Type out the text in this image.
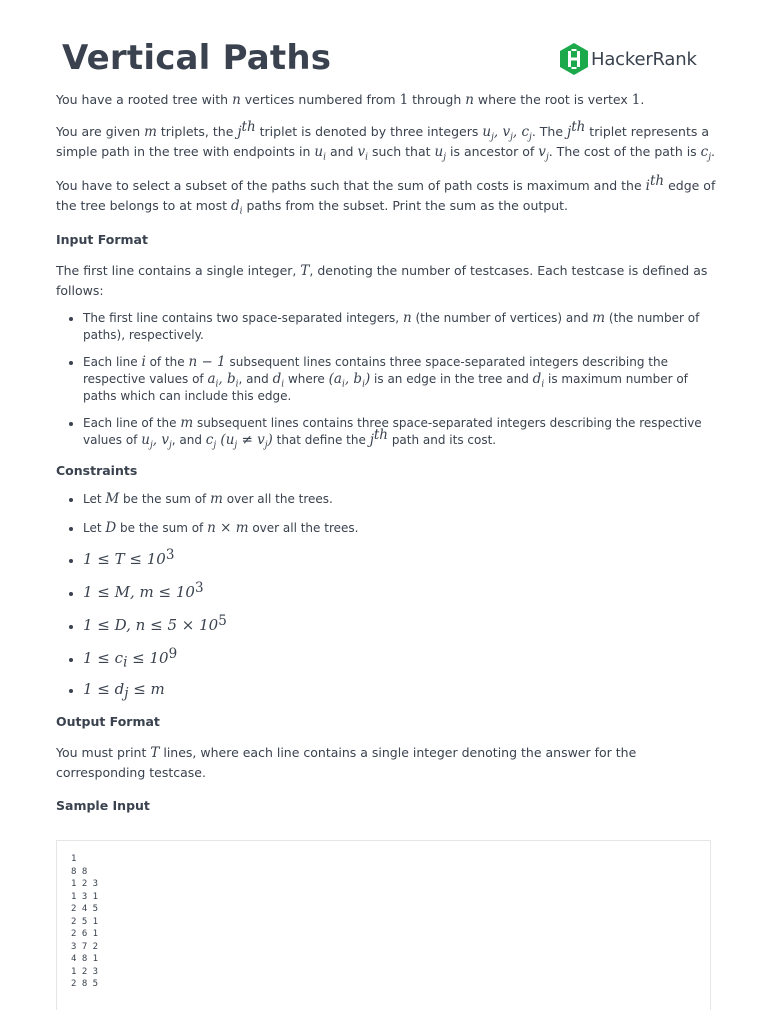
Vertical Paths	HackerRank

You have a rooted tree with n vertices numbered from 1 through n where the root is vertex 1.

You are given m triplets, the $j^{th}$ triplet is denoted by three integers $u_j$, $v_j$, $c_j$. The $j^{th}$ triplet represents a simple path in the tree with endpoints in $u_i$ and $v_i$ such that $u_j$ is ancestor of $v_j$. The cost of the path is $c_j$.

You have to select a subset of the paths such that the sum of path costs is maximum and the $i^{th}$ edge of the tree belongs to at most $d_i$ paths from the subset. Print the sum as the output.

Input Format

The first line contains a single integer, T, denoting the number of testcases. Each testcase is defined as follows:

• The first line contains two space-separated integers, n (the number of vertices) and m (the number of paths), respectively.
• Each line i of the n − 1 subsequent lines contains three space-separated integers describing the respective values of $a_i$, $b_i$, and $d_i$ where ($a_i$, $b_i$) is an edge in the tree and $d_i$ is maximum number of paths which can include this edge.
• Each line of the m subsequent lines contains three space-separated integers describing the respective values of $u_j$, $v_j$, and $c_j$ $(u_j \ne v_j)$ that define the $j^{th}$ path and its cost.

Constraints

• Let M be the sum of m over all the trees.
• Let D be the sum of n × m over all the trees.
• $1 \le T \le 10^3$
• 1 ≤ M, $m \le 10^3$
• 1 ≤ D, $n \le 5 \times 10^5$
• $1 \le c_i \le 10^9$
• $1 \le d_j \le m$

Output Format

You must print T lines, where each line contains a single integer denoting the answer for the corresponding testcase.

Sample Input

1
8 8
1 2 3
1 3 1
2 4 5
2 5 1
2 6 1
3 7 2
4 8 1
1 2 3
2 8 5
